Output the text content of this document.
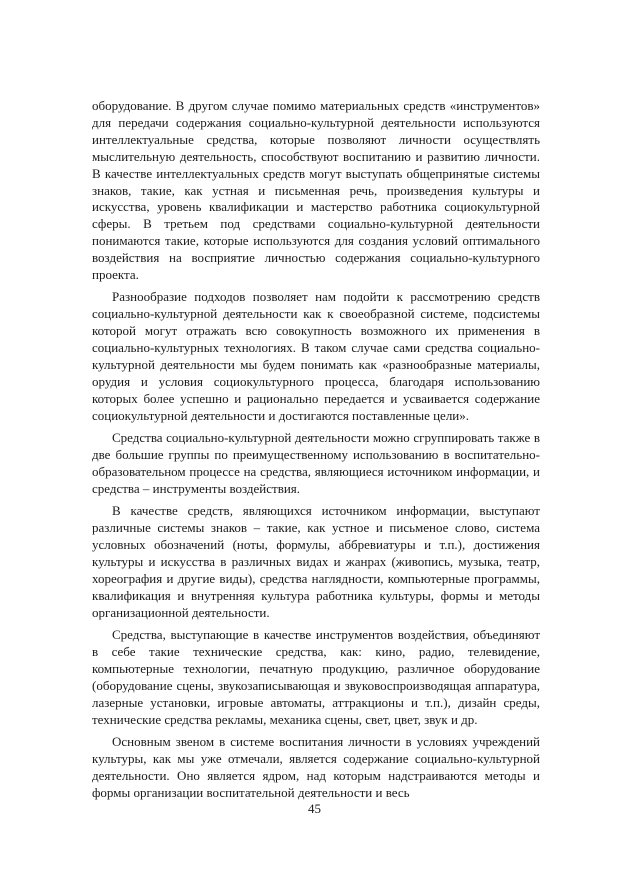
оборудование. В другом случае помимо материальных средств «инструментов» для передачи содержания социально-культурной деятельности используются интеллектуальные средства, которые позволяют личности осуществлять мыслительную деятельность, способствуют воспитанию и развитию личности. В качестве интеллектуальных средств могут выступать общепринятые системы знаков, такие, как устная и письменная речь, произведения культуры и искусства, уровень квалификации и мастерство работника социокультурной сферы. В третьем под средствами социально-культурной деятельности понимаются такие, которые используются для создания условий оптимального воздействия на восприятие личностью содержания социально-культурного проекта.

Разнообразие подходов позволяет нам подойти к рассмотрению средств социально-культурной деятельности как к своеобразной системе, подсистемы которой могут отражать всю совокупность возможного их применения в социально-культурных технологиях. В таком случае сами средства социально-культурной деятельности мы будем понимать как «разнообразные материалы, орудия и условия социокультурного процесса, благодаря использованию которых более успешно и рационально передается и усваивается содержание социокультурной деятельности и достигаются поставленные цели».

Средства социально-культурной деятельности можно сгруппировать также в две большие группы по преимущественному использованию в воспитательно-образовательном процессе на средства, являющиеся источником информации, и средства – инструменты воздействия.

В качестве средств, являющихся источником информации, выступают различные системы знаков – такие, как устное и письменое слово, система условных обозначений (ноты, формулы, аббревиатуры и т.п.), достижения культуры и искусства в различных видах и жанрах (живопись, музыка, театр, хореография и другие виды), средства наглядности, компьютерные программы, квалификация и внутренняя культура работника культуры, формы и методы организационной деятельности.

Средства, выступающие в качестве инструментов воздействия, объединяют в себе такие технические средства, как: кино, радио, телевидение, компьютерные технологии, печатную продукцию, различное оборудование (оборудование сцены, звукозаписывающая и звуковоспроизводящая аппаратура, лазерные установки, игровые автоматы, аттракционы и т.п.), дизайн среды, технические средства рекламы, механика сцены, свет, цвет, звук и др.

Основным звеном в системе воспитания личности в условиях учреждений культуры, как мы уже отмечали, является содержание социально-культурной деятельности. Оно является ядром, над которым надстраиваются методы и формы организации воспитательной деятельности и весь

45
